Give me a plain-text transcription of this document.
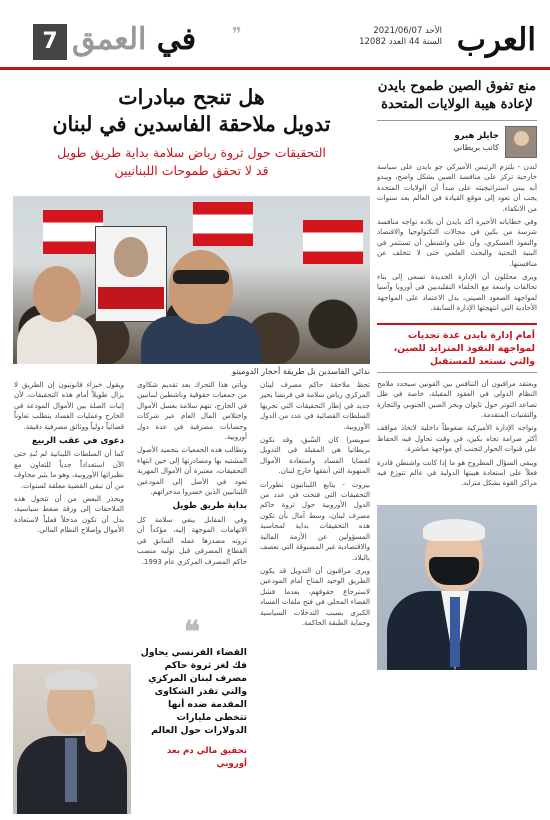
العرب
الأحد 2021/06/07
السنة 44 العدد 12082
❞
في العمق
7
منع تفوق الصين طموح بايدن لإعادة هيبة الولايات المتحدة
جايلز هيرو
كاتب بريطاني

لندن - يلتزم الرئيس الأميركي جو بايدن على سياسة خارجية تركز على منافسة الصين بشكل واضح، ويبدو أنه يبني استراتيجيته على مبدأ أن الولايات المتحدة يجب أن تعود إلى موقع القيادة في العالم بعد سنوات من الانكفاء.

وفي خطاباته الأخيرة أكد بايدن أن بلاده تواجه منافسة شرسة من بكين في مجالات التكنولوجيا والاقتصاد والنفوذ العسكري، وأن على واشنطن أن تستثمر في البنية التحتية والبحث العلمي حتى لا تتخلف عن منافستها.

ويرى محللون أن الإدارة الجديدة تسعى إلى بناء تحالفات واسعة مع الحلفاء التقليديين في أوروبا وآسيا لمواجهة الصعود الصيني، بدل الاعتماد على المواجهة الأحادية التي انتهجتها الإدارة السابقة.

أمام إدارة بايدن عدة تحديات لمواجهة النفوذ المتزايد للصين، والتي تستعد للمستقبل

ويعتقد مراقبون أن التنافس بين القوتين سيحدد ملامح النظام الدولي في العقود المقبلة، خاصة في ظل تصاعد التوتر حول تايوان وبحر الصين الجنوبي والتجارة والتقنيات المتقدمة.

وتواجه الإدارة الأميركية ضغوطاً داخلية لاتخاذ مواقف أكثر صرامة تجاه بكين، في وقت تحاول فيه الحفاظ على قنوات الحوار لتجنب أي مواجهة مباشرة.

ويبقى السؤال المطروح هو ما إذا كانت واشنطن قادرة فعلاً على استعادة هيبتها الدولية في عالم تتوزع فيه مراكز القوة بشكل متزايد.

هل تنجح مبادرات
تدويل ملاحقة الفاسدين في لبنان
التحقيقات حول ثروة رياض سلامة بداية طريق طويل
قد لا تحقق طموحات اللبنانيين
ندائي الفاسدين بل طريقة أحجار الدومينو

تحظ ملاحقة حاكم مصرف لبنان المركزي رياض سلامة في فرنسا بحيز جديد في إطار التحقيقات التي تجريها السلطات القضائية في عدد من الدول الأوروبية.

سويسرا كان السّبق، وقد تكون بريطانيا هي المقبلة في التدويل لقضايا الفساد واستعادة الأموال المنهوبة التي أنفقها خارج لبنان.

بيروت - يتابع اللبنانيون تطورات التحقيقات التي فتحت في عدد من الدول الأوروبية حول ثروة حاكم مصرف لبنان، وسط آمال بأن تكون هذه التحقيقات بداية لمحاسبة المسؤولين عن الأزمة المالية والاقتصادية غير المسبوقة التي تعصف بالبلاد.

ويرى مراقبون أن التدويل قد يكون الطريق الوحيد المتاح أمام المودعين لاسترجاع حقوقهم، بعدما فشل القضاء المحلي في فتح ملفات الفساد الكبرى بسبب التدخلات السياسية وحماية الطبقة الحاكمة.

ويأتي هذا التحرك بعد تقديم شكاوى من جمعيات حقوقية وناشطين لبنانيين في الخارج، تتهم سلامة بغسل الأموال واختلاس المال العام عبر شركات وحسابات مصرفية في عدة دول أوروبية.

وتطالب هذه الجمعيات بتجميد الأصول المشتبه بها ومصادرتها إلى حين انتهاء التحقيقات، معتبرة أن الأموال المهربة تعود في الأصل إلى المودعين اللبنانيين الذين خسروا مدخراتهم.

بداية طريق طويل

وفي المقابل ينفي سلامة كل الاتهامات الموجهة إليه، مؤكداً أن ثروته مصدرها عمله السابق في القطاع المصرفي قبل توليه منصب حاكم المصرف المركزي عام 1993.

ويقول خبراء قانونيون إن الطريق لا يزال طويلاً أمام هذه التحقيقات، لأن إثبات الصلة بين الأموال المودعة في الخارج وعمليات الفساد يتطلب تعاوناً قضائياً دولياً ووثائق مصرفية دقيقة.

دعوى في عقب الربيع

كما أن السلطات اللبنانية لم تُبدِ حتى الآن استعداداً جدياً للتعاون مع نظيراتها الأوروبية، وهو ما يثير مخاوف من أن تبقى القضية معلقة لسنوات.

ويحذر البعض من أن تتحول هذه الملاحقات إلى ورقة ضغط سياسية، بدل أن تكون مدخلاً فعلياً لاستعادة الأموال وإصلاح النظام المالي.

❝
القضاء الفرنسي يحاول فك لغز ثروة حاكم مصرف لبنان المركزي والتي تقدر الشكاوى المقدمة ضده أنها تتخطى مليارات الدولارات حول العالم
تحقيق مالي دم بعد أوروبي
